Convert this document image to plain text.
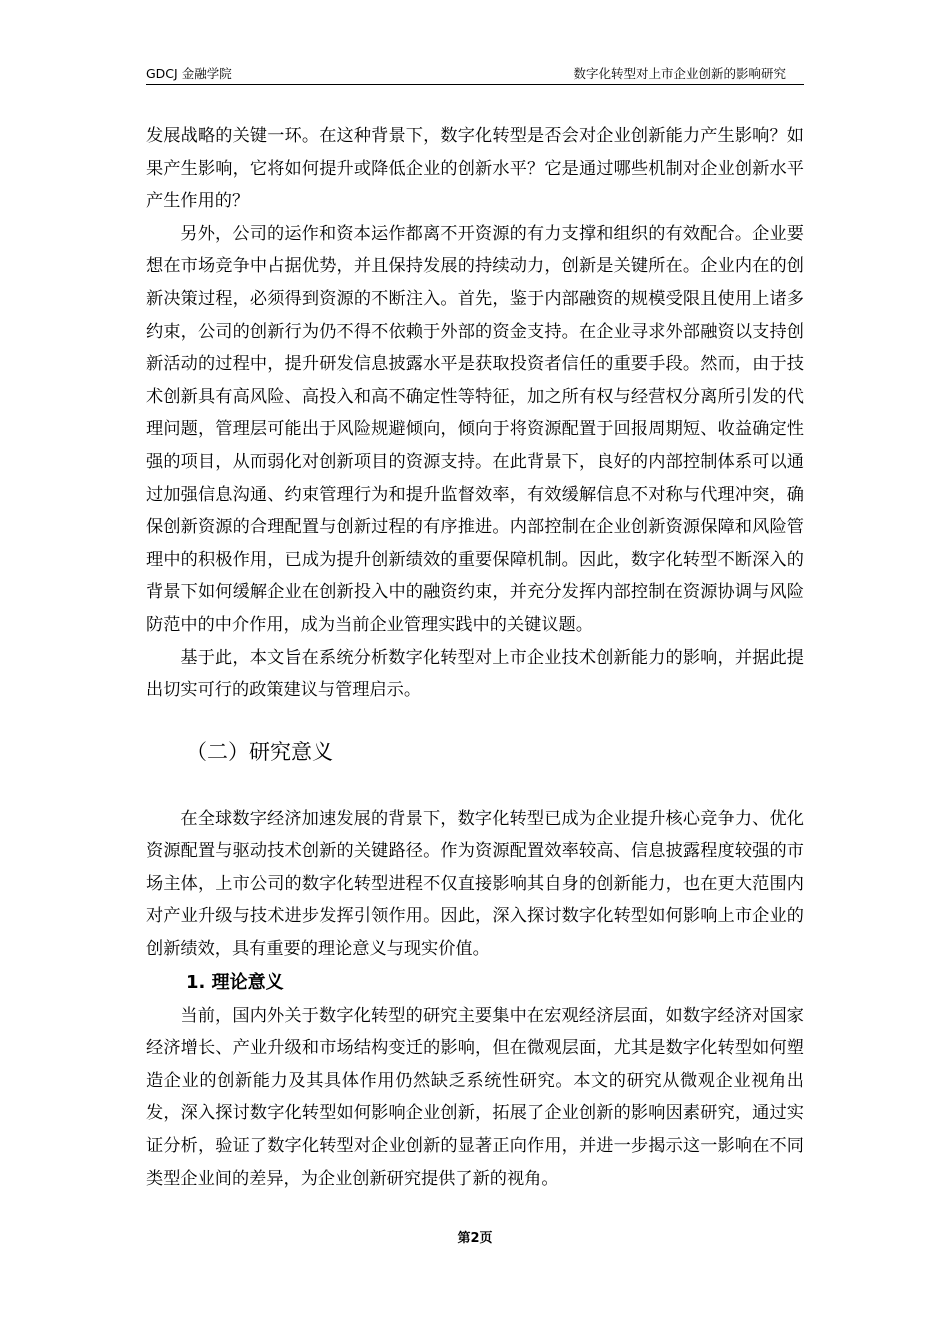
GDCJ 金融学院	数字化转型对上市企业创新的影响研究

发展战略的关键一环。在这种背景下，数字化转型是否会对企业创新能力产生影响？如果产生影响，它将如何提升或降低企业的创新水平？它是通过哪些机制对企业创新水平产生作用的？

另外，公司的运作和资本运作都离不开资源的有力支撑和组织的有效配合。企业要想在市场竞争中占据优势，并且保持发展的持续动力，创新是关键所在。企业内在的创新决策过程，必须得到资源的不断注入。首先，鉴于内部融资的规模受限且使用上诸多约束，公司的创新行为仍不得不依赖于外部的资金支持。在企业寻求外部融资以支持创新活动的过程中，提升研发信息披露水平是获取投资者信任的重要手段。然而，由于技术创新具有高风险、高投入和高不确定性等特征，加之所有权与经营权分离所引发的代理问题，管理层可能出于风险规避倾向，倾向于将资源配置于回报周期短、收益确定性强的项目，从而弱化对创新项目的资源支持。在此背景下，良好的内部控制体系可以通过加强信息沟通、约束管理行为和提升监督效率，有效缓解信息不对称与代理冲突，确保创新资源的合理配置与创新过程的有序推进。内部控制在企业创新资源保障和风险管理中的积极作用，已成为提升创新绩效的重要保障机制。因此，数字化转型不断深入的背景下如何缓解企业在创新投入中的融资约束，并充分发挥内部控制在资源协调与风险防范中的中介作用，成为当前企业管理实践中的关键议题。

基于此，本文旨在系统分析数字化转型对上市企业技术创新能力的影响，并据此提出切实可行的政策建议与管理启示。

（二）研究意义

在全球数字经济加速发展的背景下，数字化转型已成为企业提升核心竞争力、优化资源配置与驱动技术创新的关键路径。作为资源配置效率较高、信息披露程度较强的市场主体，上市公司的数字化转型进程不仅直接影响其自身的创新能力，也在更大范围内对产业升级与技术进步发挥引领作用。因此，深入探讨数字化转型如何影响上市企业的创新绩效，具有重要的理论意义与现实价值。

1. 理论意义

当前，国内外关于数字化转型的研究主要集中在宏观经济层面，如数字经济对国家经济增长、产业升级和市场结构变迁的影响，但在微观层面，尤其是数字化转型如何塑造企业的创新能力及其具体作用仍然缺乏系统性研究。本文的研究从微观企业视角出发，深入探讨数字化转型如何影响企业创新，拓展了企业创新的影响因素研究，通过实证分析，验证了数字化转型对企业创新的显著正向作用，并进一步揭示这一影响在不同类型企业间的差异，为企业创新研究提供了新的视角。

第2页
